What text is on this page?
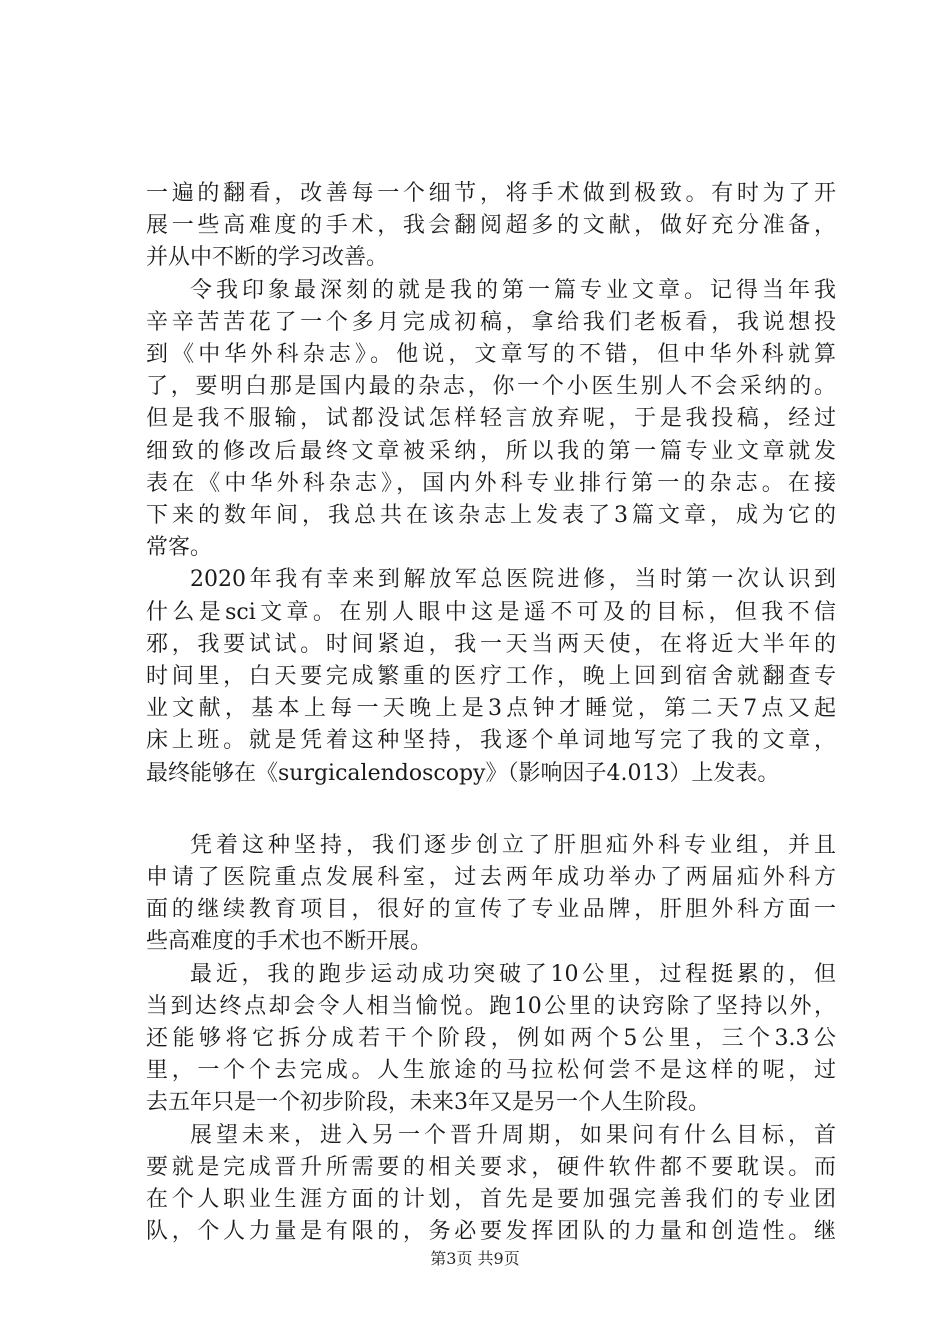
一遍的翻看，改善每一个细节，将手术做到极致。有时为了开
展一些高难度的手术，我会翻阅超多的文献，做好充分准备，
并从中不断的学习改善。
令我印象最深刻的就是我的第一篇专业文章。记得当年我
辛辛苦苦花了一个多月完成初稿，拿给我们老板看，我说想投
到《中华外科杂志》。他说，文章写的不错，但中华外科就算
了，要明白那是国内最的杂志，你一个小医生别人不会采纳的。
但是我不服输，试都没试怎样轻言放弃呢，于是我投稿，经过
细致的修改后最终文章被采纳，所以我的第一篇专业文章就发
表在《中华外科杂志》，国内外科专业排行第一的杂志。在接
下来的数年间，我总共在该杂志上发表了3篇文章，成为它的
常客。
2020年我有幸来到解放军总医院进修，当时第一次认识到
什么是sci文章。在别人眼中这是遥不可及的目标，但我不信
邪，我要试试。时间紧迫，我一天当两天使，在将近大半年的
时间里，白天要完成繁重的医疗工作，晚上回到宿舍就翻查专
业文献，基本上每一天晚上是3点钟才睡觉，第二天7点又起
床上班。就是凭着这种坚持，我逐个单词地写完了我的文章，
最终能够在《surgicalendoscopy》（影响因子4.013）上发表。
凭着这种坚持，我们逐步创立了肝胆疝外科专业组，并且
申请了医院重点发展科室，过去两年成功举办了两届疝外科方
面的继续教育项目，很好的宣传了专业品牌，肝胆外科方面一
些高难度的手术也不断开展。
最近，我的跑步运动成功突破了10公里，过程挺累的，但
当到达终点却会令人相当愉悦。跑10公里的诀窍除了坚持以外，
还能够将它拆分成若干个阶段，例如两个5公里，三个3.3公
里，一个个去完成。人生旅途的马拉松何尝不是这样的呢，过
去五年只是一个初步阶段，未来3年又是另一个人生阶段。
展望未来，进入另一个晋升周期，如果问有什么目标，首
要就是完成晋升所需要的相关要求，硬件软件都不要耽误。而
在个人职业生涯方面的计划，首先是要加强完善我们的专业团
队，个人力量是有限的，务必要发挥团队的力量和创造性。继
第3页 共9页
